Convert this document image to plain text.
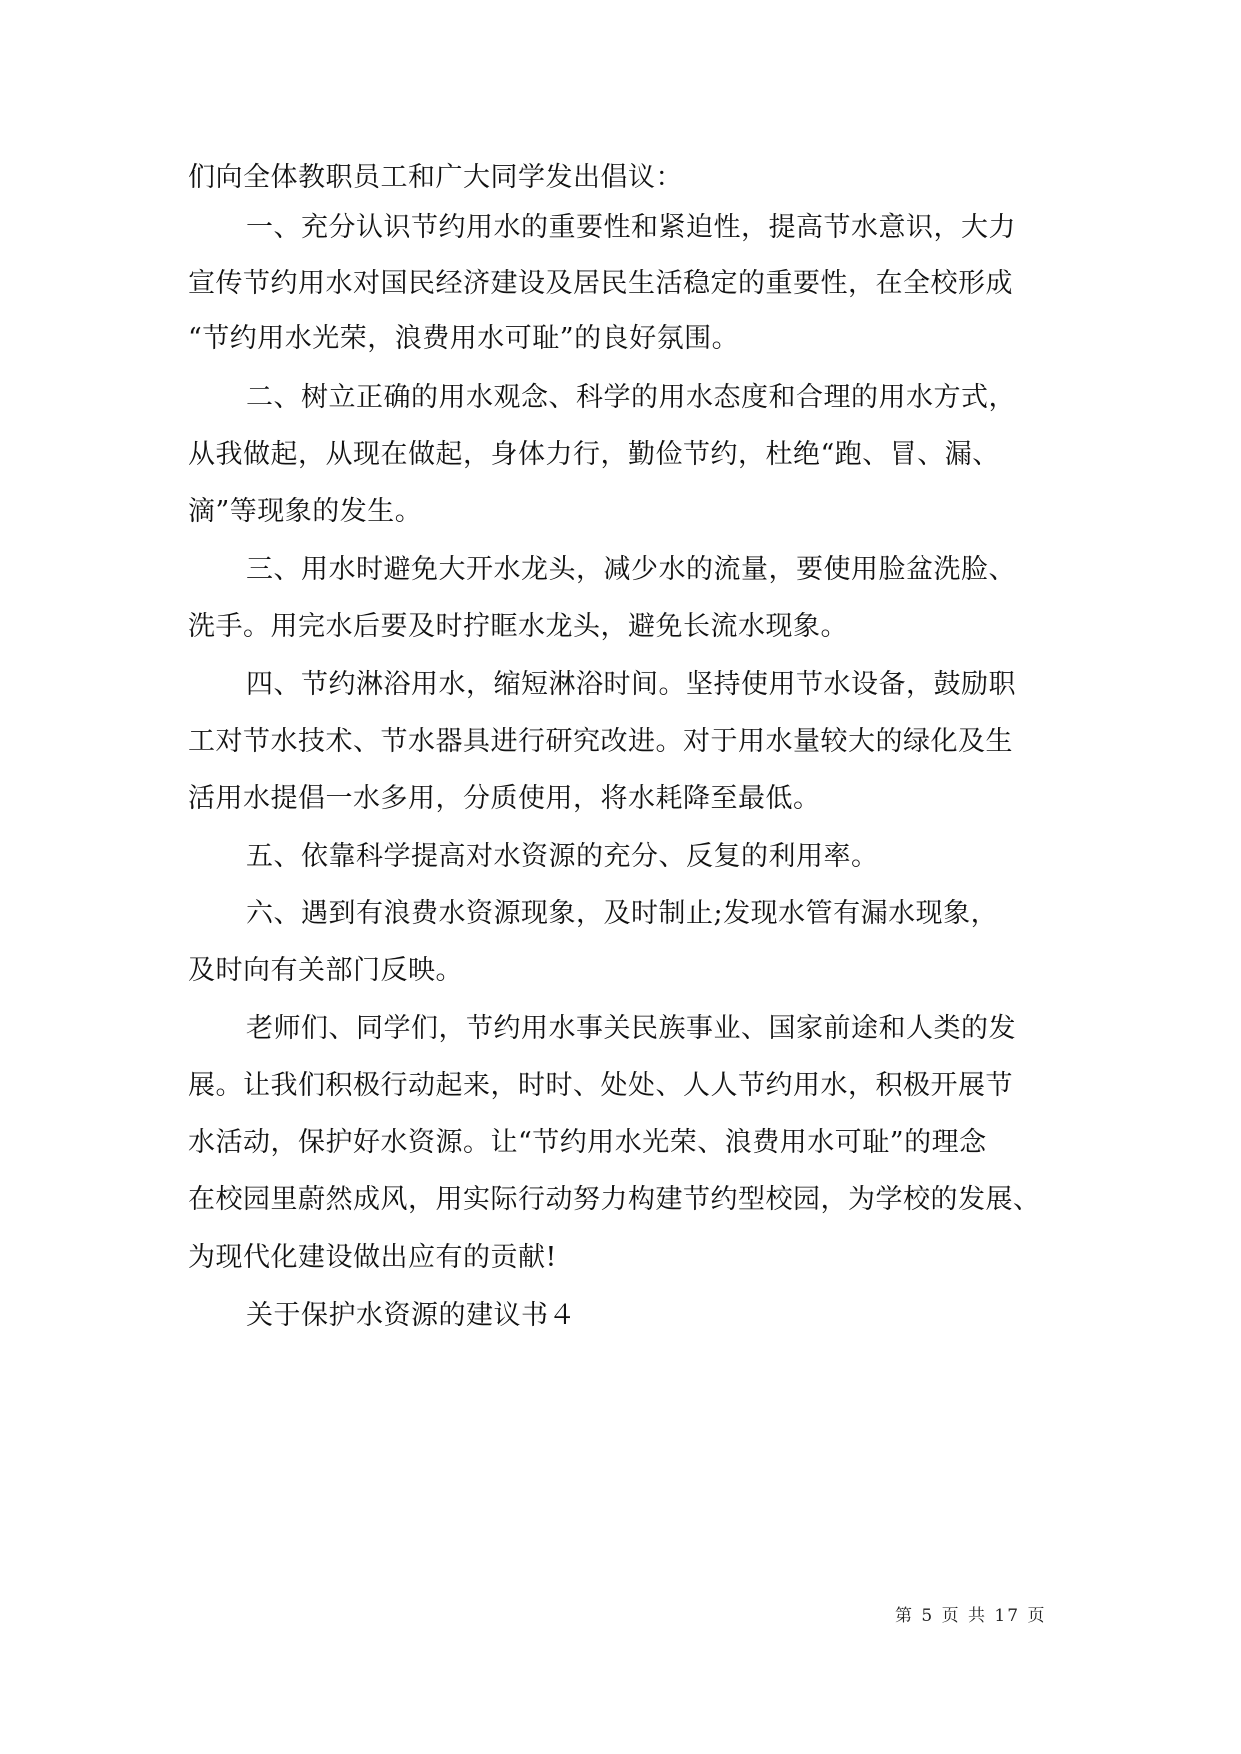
们向全体教职员工和广大同学发出倡议：
一、充分认识节约用水的重要性和紧迫性，提高节水意识，大力
宣传节约用水对国民经济建设及居民生活稳定的重要性，在全校形成
“节约用水光荣，浪费用水可耻”的良好氛围。
二、树立正确的用水观念、科学的用水态度和合理的用水方式，
从我做起，从现在做起，身体力行，勤俭节约，杜绝“跑、冒、漏、
滴”等现象的发生。
三、用水时避免大开水龙头，减少水的流量，要使用脸盆洗脸、
洗手。用完水后要及时拧眶水龙头，避免长流水现象。
四、节约淋浴用水，缩短淋浴时间。坚持使用节水设备，鼓励职
工对节水技术、节水器具进行研究改进。对于用水量较大的绿化及生
活用水提倡一水多用，分质使用，将水耗降至最低。
五、依靠科学提高对水资源的充分、反复的利用率。
六、遇到有浪费水资源现象，及时制止;发现水管有漏水现象，
及时向有关部门反映。
老师们、同学们，节约用水事关民族事业、国家前途和人类的发
展。让我们积极行动起来，时时、处处、人人节约用水，积极开展节
水活动，保护好水资源。让“节约用水光荣、浪费用水可耻”的理念
在校园里蔚然成风，用实际行动努力构建节约型校园，为学校的发展、
为现代化建设做出应有的贡献!
关于保护水资源的建议书４
第 5 页 共 17 页
